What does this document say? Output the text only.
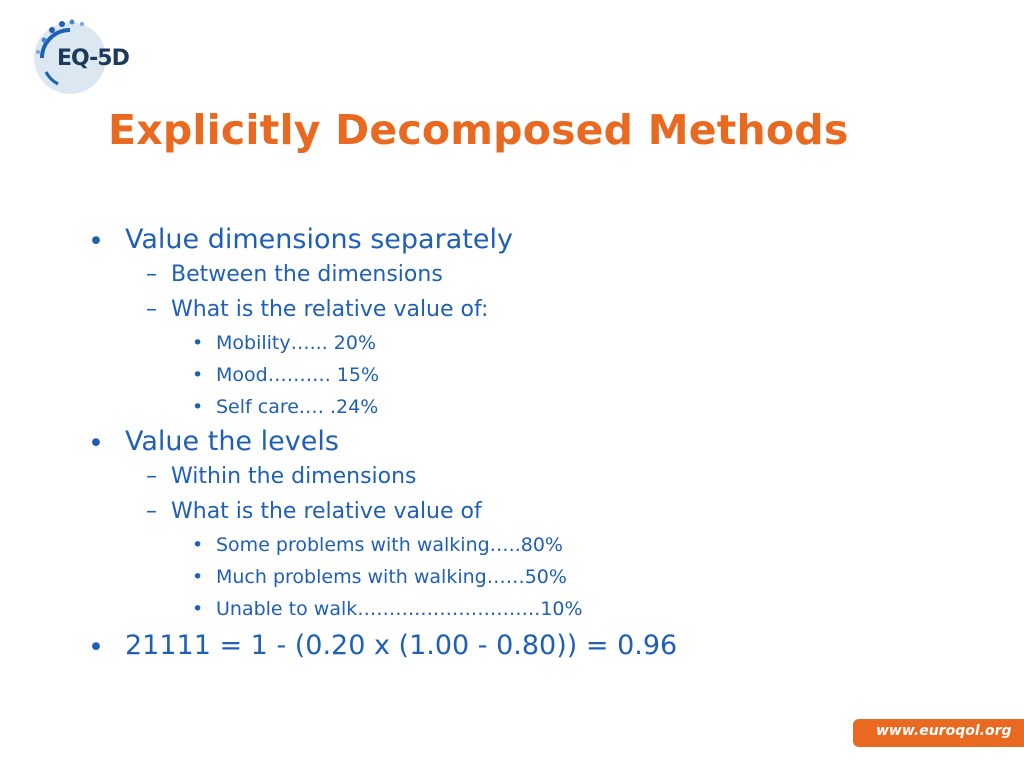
EQ-5D
Explicitly Decomposed Methods
• Value dimensions separately
– Between the dimensions
– What is the relative value of:
• Mobility…... 20%
• Mood………. 15%
• Self care.… .24%
• Value the levels
– Within the dimensions
– What is the relative value of
• Some problems with walking…..80%
• Much problems with walking……50%
• Unable to walk……….……………….10%
• 21111 = 1 - (0.20 x (1.00 - 0.80)) = 0.96
www.euroqol.org
